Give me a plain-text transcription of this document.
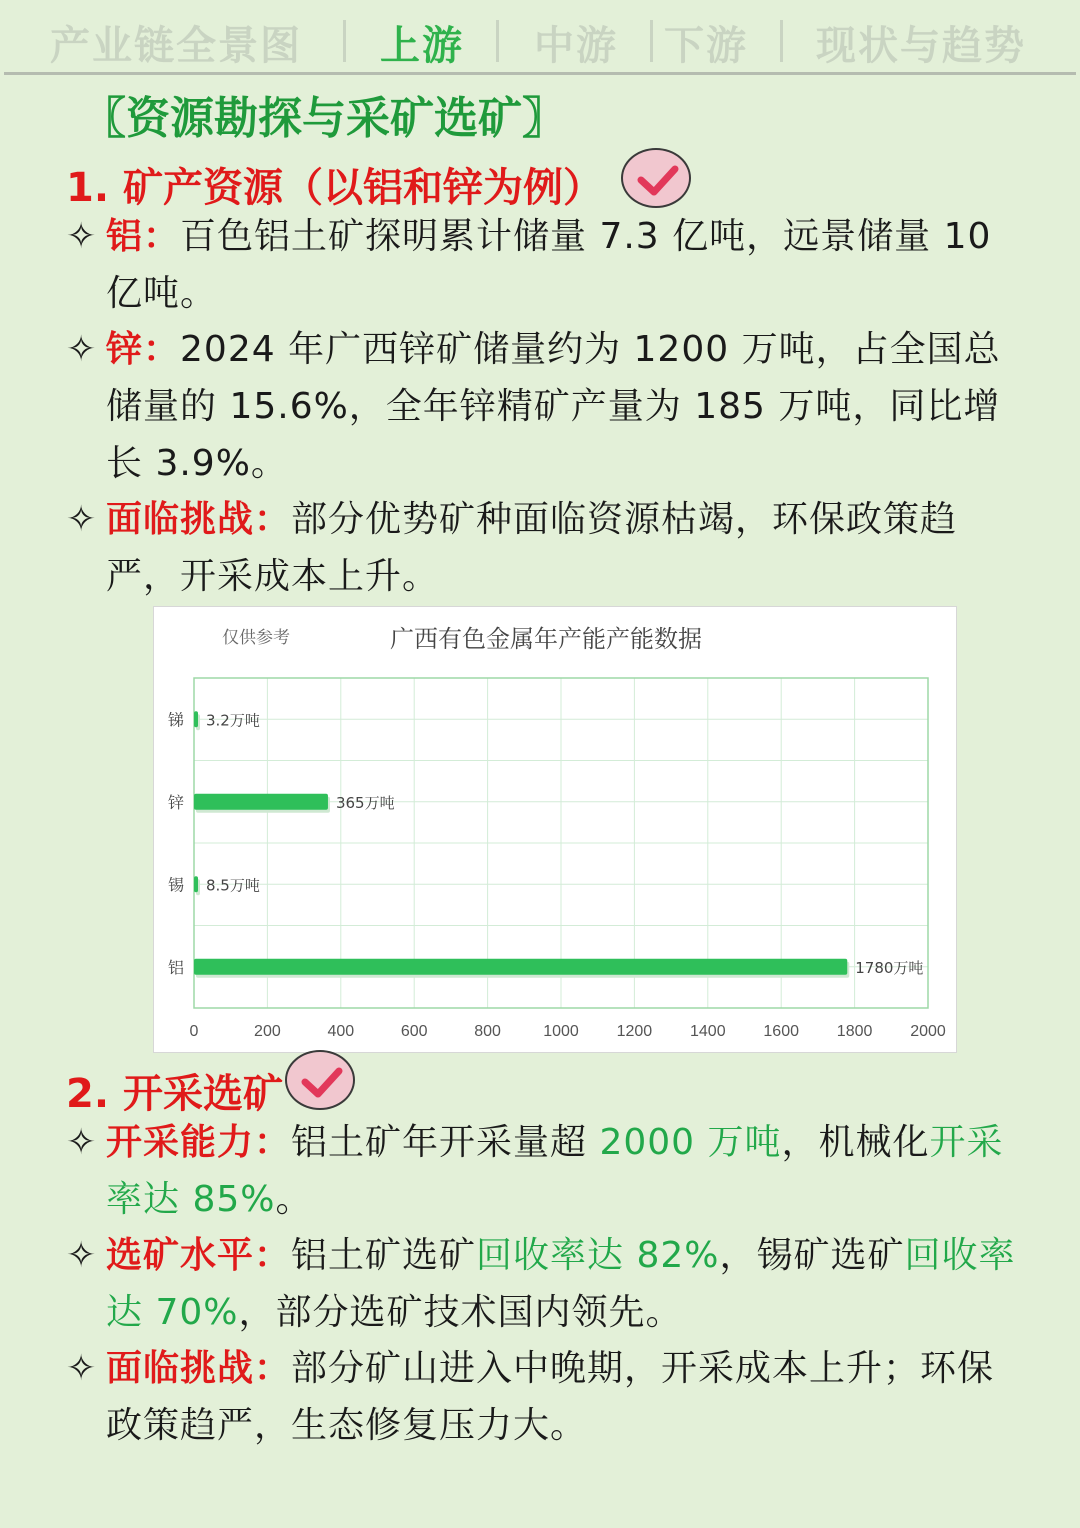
产业链全景图 上游 中游 下游 现状与趋势
〖资源勘探与采矿选矿〗
1. 矿产资源（以铝和锌为例）
✧ 铝：百色铝土矿探明累计储量 7.3 亿吨，远景储量 10 亿吨。
✧ 锌：2024 年广西锌矿储量约为 1200 万吨，占全国总储量的 15.6%，全年锌精矿产量为 185 万吨，同比增长 3.9%。
✧ 面临挑战：部分优势矿种面临资源枯竭，环保政策趋严，开采成本上升。
仅供参考	广西有色金属年产能产能数据
0	200	400	600	800	1000 1200 1400 1600 1800 2000
锑 3.2万吨
锌	365万吨
锡 8.5万吨
铝	1780万吨
2. 开采选矿
✧ 开采能力：铝土矿年开采量超 2000 万吨，机械化开采率达 85%。
✧ 选矿水平：铝土矿选矿回收率达 82%，锡矿选矿回收率达 70%，部分选矿技术国内领先。
✧ 面临挑战：部分矿山进入中晚期，开采成本上升；环保政策趋严，生态修复压力大。
